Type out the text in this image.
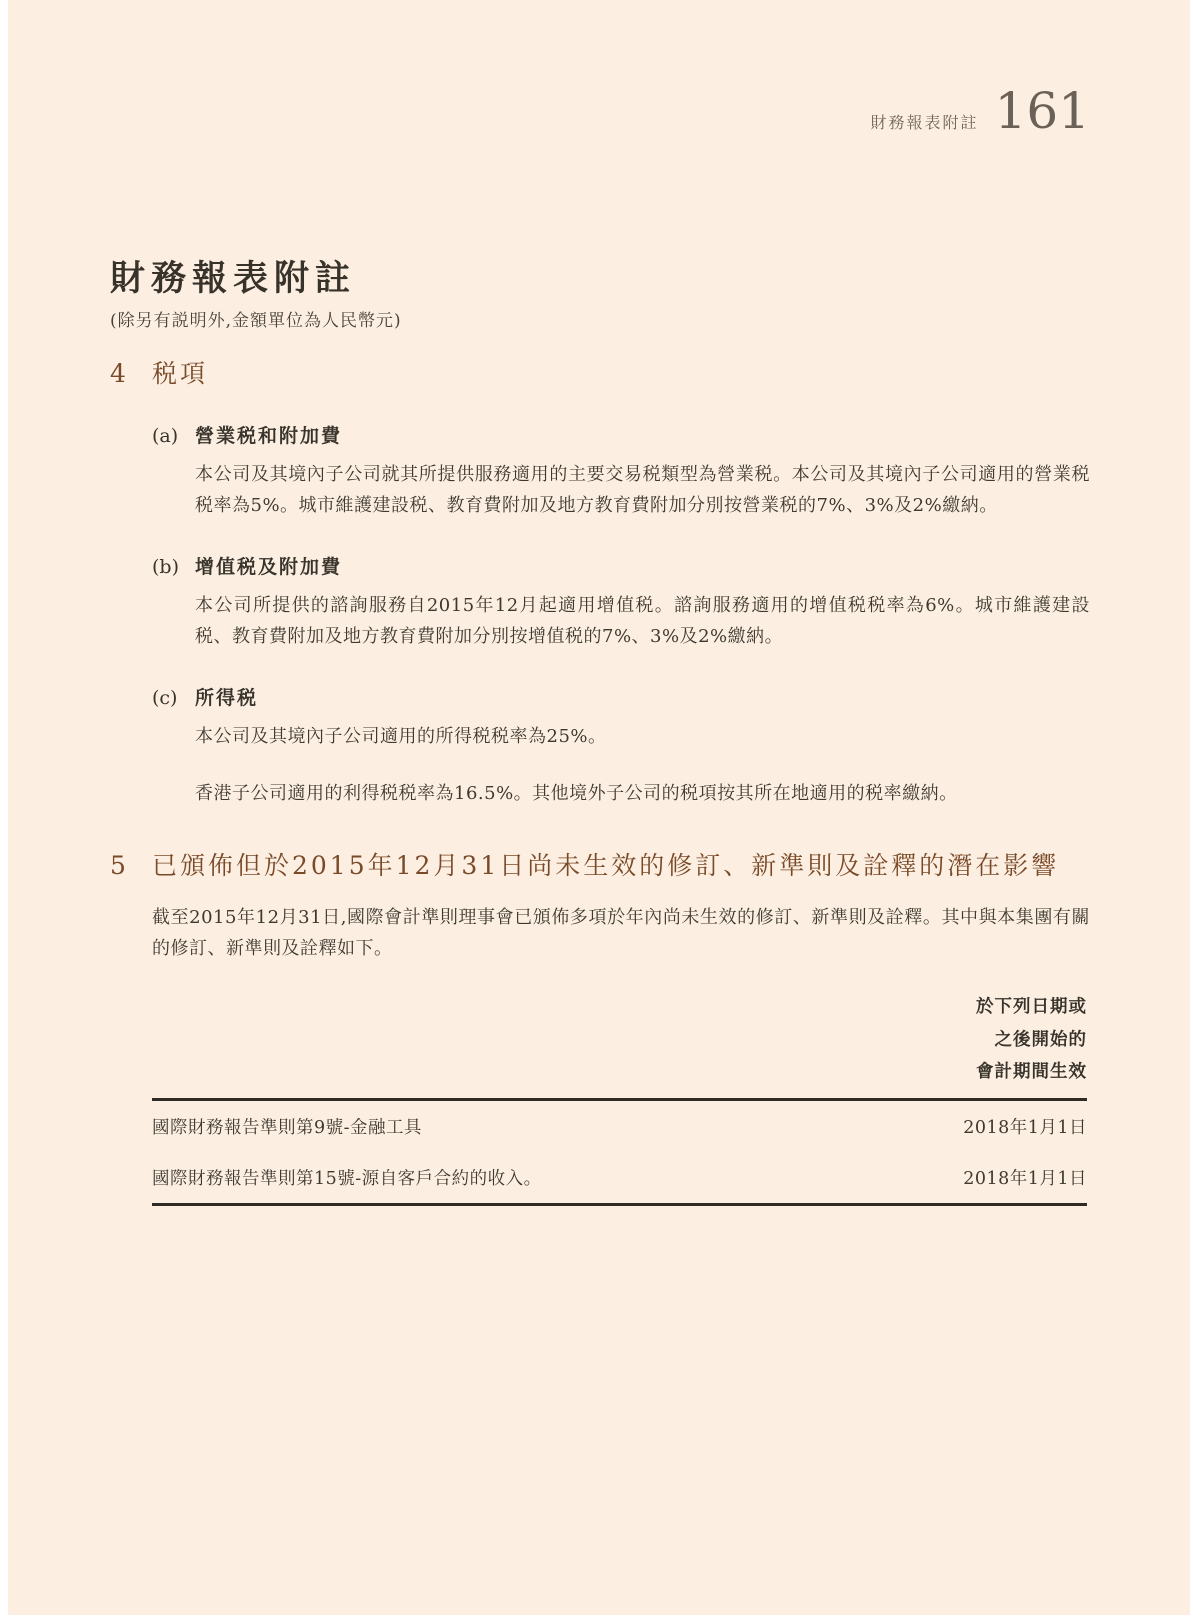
財務報表附註 161
財務報表附註
(除另有説明外,金額單位為人民幣元)
4	税項
(a) 營業税和附加費
本公司及其境內子公司就其所提供服務適用的主要交易税類型為營業税。本公司及其境內子公司適用的營業税税率為5%。城市維護建設税、教育費附加及地方教育費附加分別按營業税的7%、3%及2%繳納。
(b) 增值税及附加費
本公司所提供的諮詢服務自2015年12月起適用增值税。諮詢服務適用的增值税税率為6%。城市維護建設税、教育費附加及地方教育費附加分別按增值税的7%、3%及2%繳納。
(c) 所得税
本公司及其境內子公司適用的所得税税率為25%。
香港子公司適用的利得税税率為16.5%。其他境外子公司的税項按其所在地適用的税率繳納。
5	已頒佈但於2015年12月31日尚未生效的修訂、新準則及詮釋的潛在影響
截至2015年12月31日,國際會計準則理事會已頒佈多項於年內尚未生效的修訂、新準則及詮釋。其中與本集團有關的修訂、新準則及詮釋如下。
於下列日期或
之後開始的
會計期間生效
國際財務報告準則第9號-金融工具	2018年1月1日
國際財務報告準則第15號-源自客戶合約的收入。	2018年1月1日
